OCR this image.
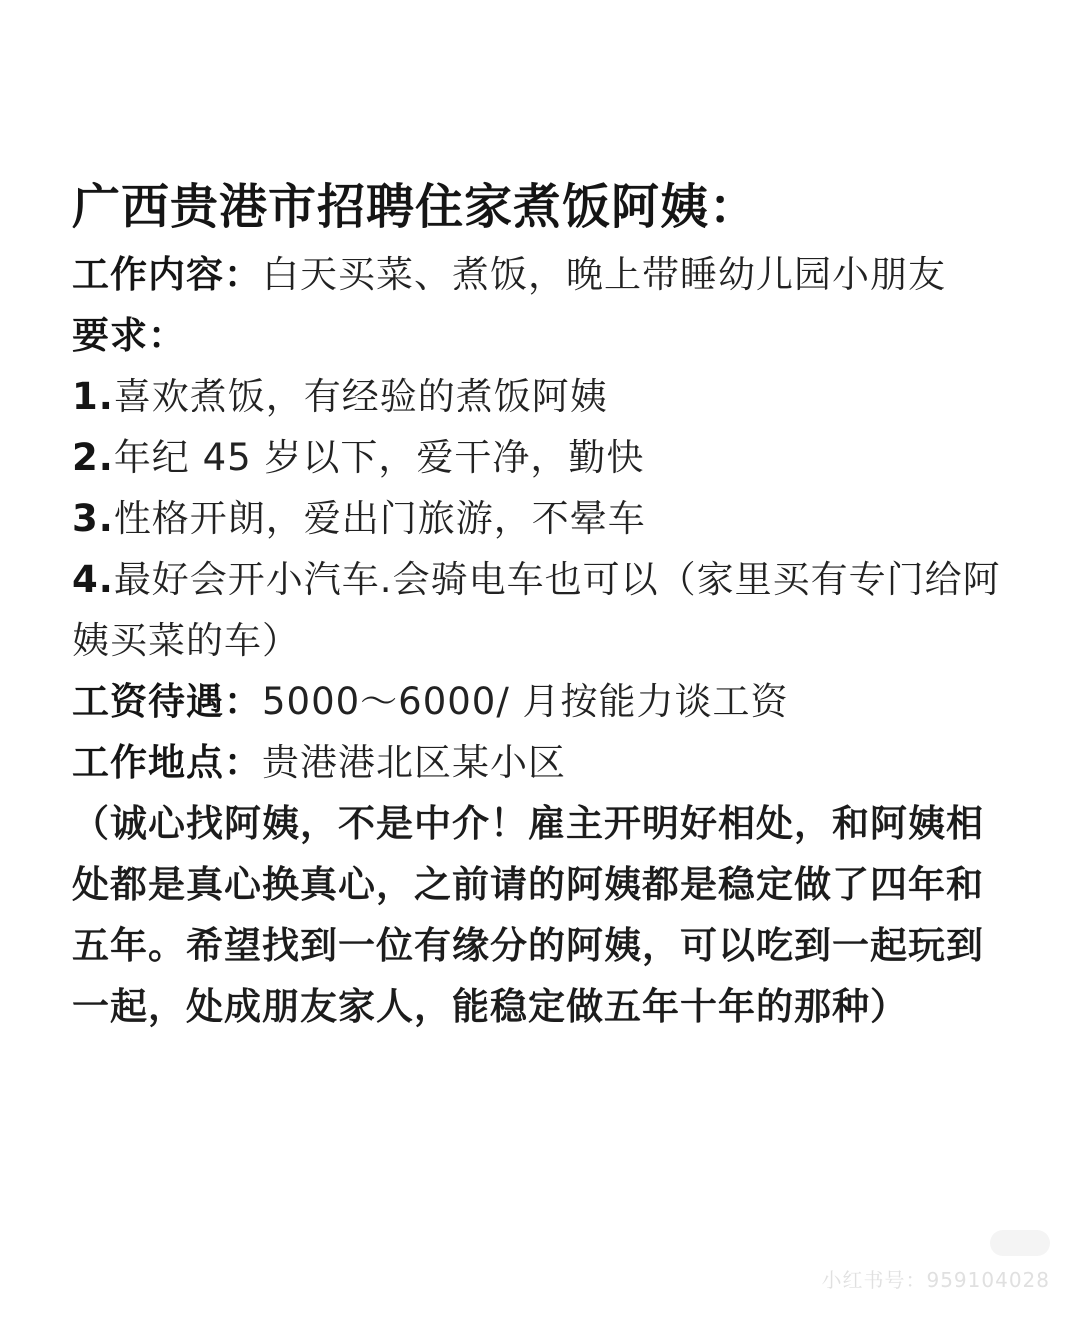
广西贵港市招聘住家煮饭阿姨：
工作内容：白天买菜、煮饭，晚上带睡幼儿园小朋友
要求：
1.喜欢煮饭，有经验的煮饭阿姨
2.年纪 45 岁以下，爱干净，勤快
3.性格开朗，爱出门旅游，不晕车
4.最好会开小汽车.会骑电车也可以（家里买有专门给阿姨买菜的车）
工资待遇：5000～6000/ 月按能力谈工资
工作地点：贵港港北区某小区
（诚心找阿姨，不是中介！雇主开明好相处，和阿姨相处都是真心换真心，之前请的阿姨都是稳定做了四年和五年。希望找到一位有缘分的阿姨，可以吃到一起玩到一起，处成朋友家人，能稳定做五年十年的那种）
小红书号：959104028
